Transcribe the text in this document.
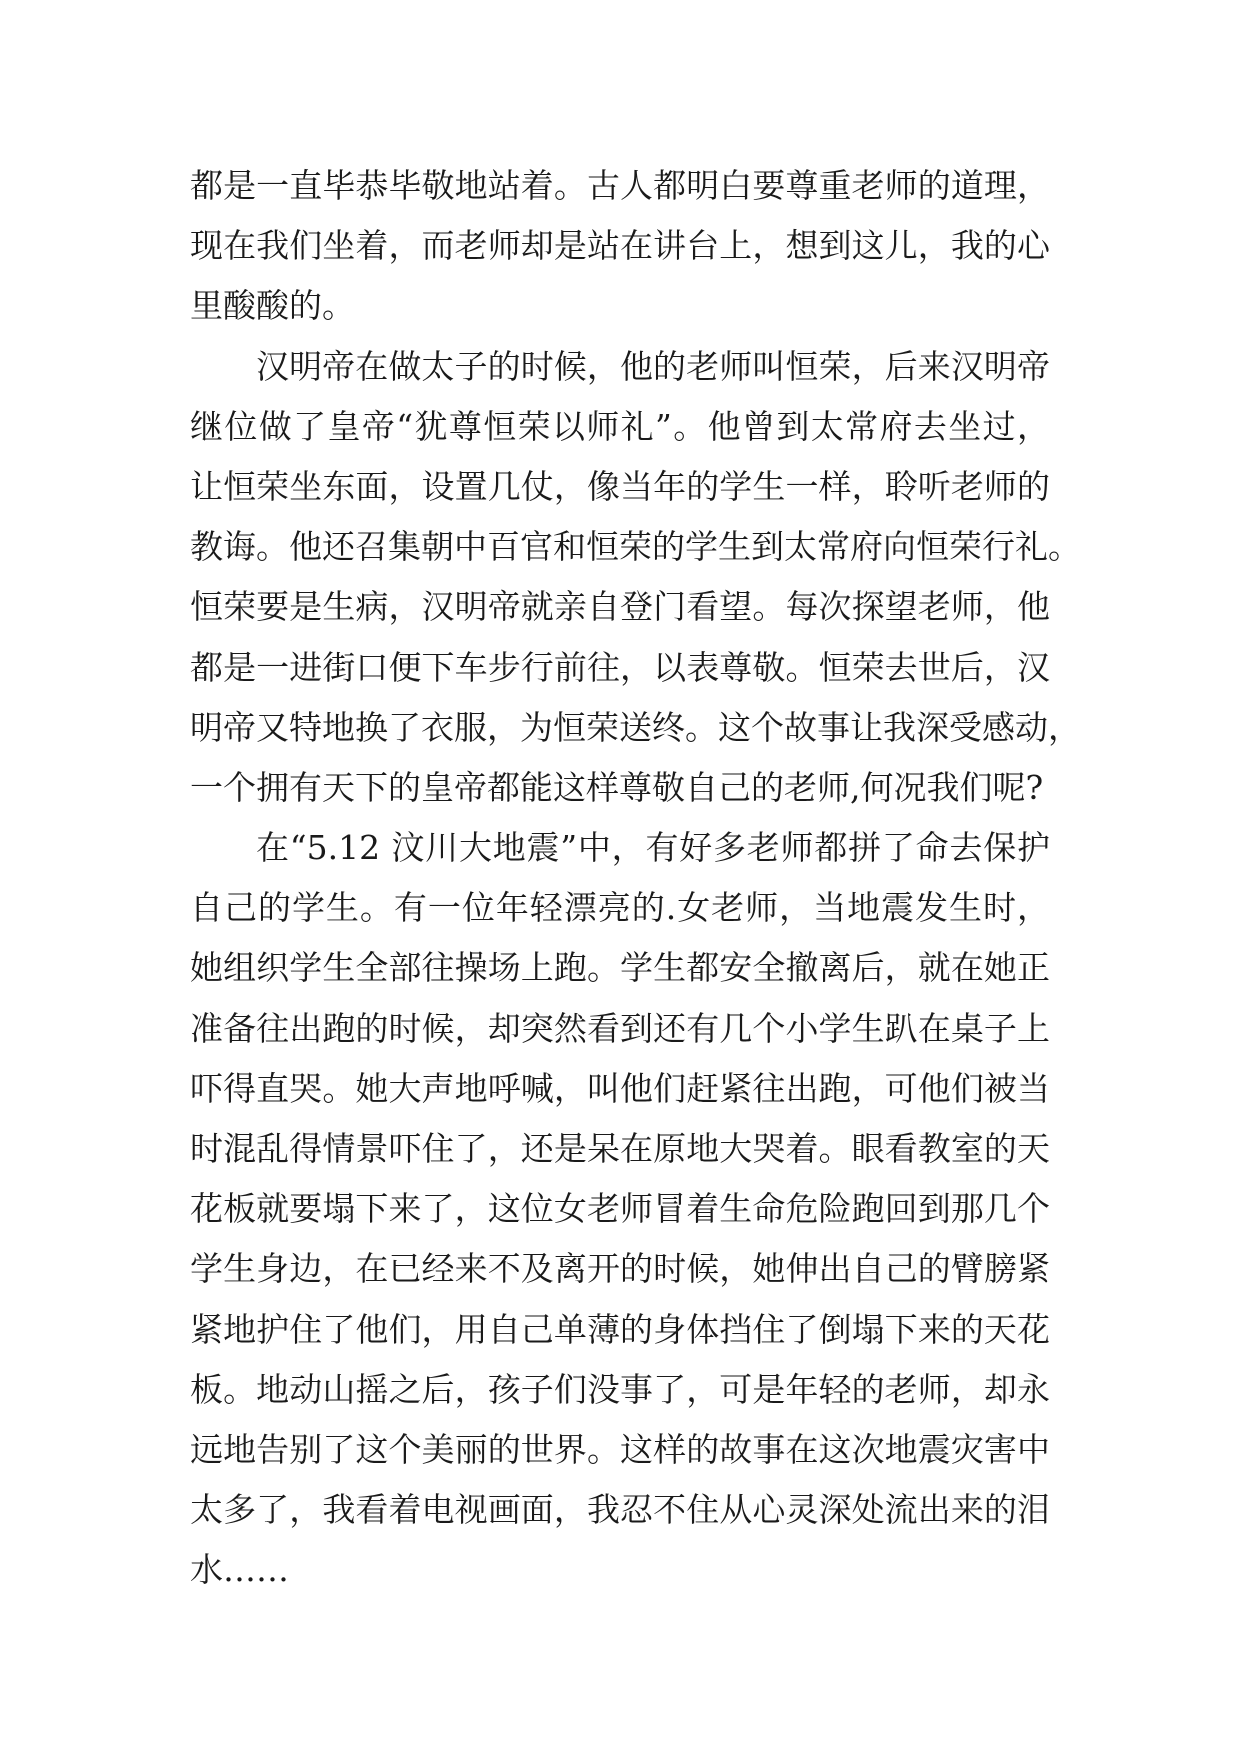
都是一直毕恭毕敬地站着。古人都明白要尊重老师的道理，
现在我们坐着，而老师却是站在讲台上，想到这儿，我的心
里酸酸的。
汉明帝在做太子的时候，他的老师叫恒荣，后来汉明帝
继位做了皇帝“犹尊恒荣以师礼”。他曾到太常府去坐过，
让恒荣坐东面，设置几仗，像当年的学生一样，聆听老师的
教诲。他还召集朝中百官和恒荣的学生到太常府向恒荣行礼。
恒荣要是生病，汉明帝就亲自登门看望。每次探望老师，他
都是一进街口便下车步行前往，以表尊敬。恒荣去世后，汉
明帝又特地换了衣服，为恒荣送终。这个故事让我深受感动，
一个拥有天下的皇帝都能这样尊敬自己的老师,何况我们呢?
在“5.12 汶川大地震”中，有好多老师都拼了命去保护
自己的学生。有一位年轻漂亮的.女老师，当地震发生时，
她组织学生全部往操场上跑。学生都安全撤离后，就在她正
准备往出跑的时候，却突然看到还有几个小学生趴在桌子上
吓得直哭。她大声地呼喊，叫他们赶紧往出跑，可他们被当
时混乱得情景吓住了，还是呆在原地大哭着。眼看教室的天
花板就要塌下来了，这位女老师冒着生命危险跑回到那几个
学生身边，在已经来不及离开的时候，她伸出自己的臂膀紧
紧地护住了他们，用自己单薄的身体挡住了倒塌下来的天花
板。地动山摇之后，孩子们没事了，可是年轻的老师，却永
远地告别了这个美丽的世界。这样的故事在这次地震灾害中
太多了，我看着电视画面，我忍不住从心灵深处流出来的泪
水……
